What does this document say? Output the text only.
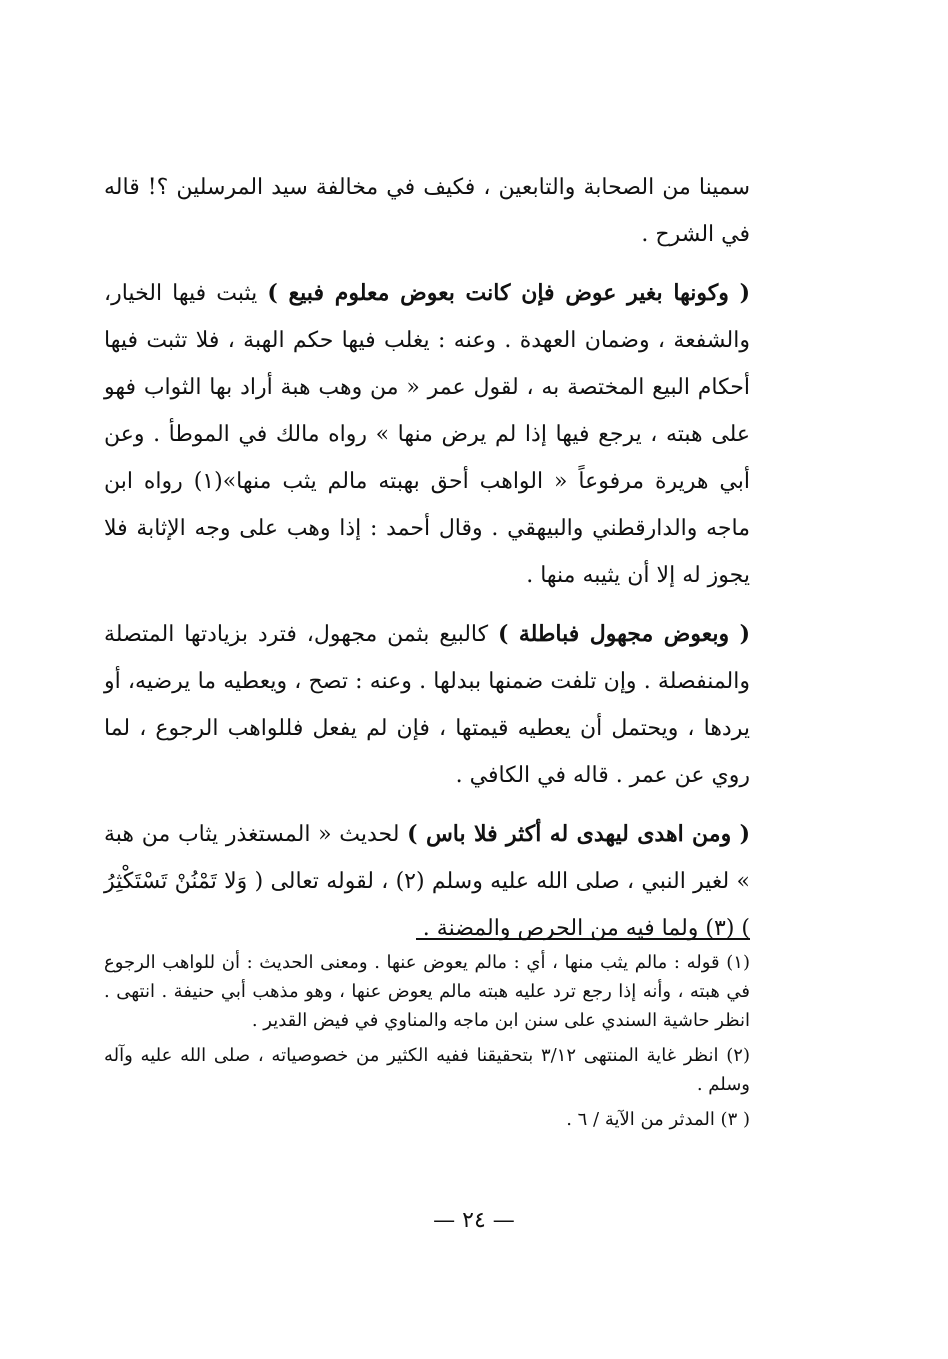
سمينا من الصحابة والتابعين ، فكيف في مخالفة سيد المرسلين ؟! قاله في الشرح .

( وكونها بغير عوض فإن كانت بعوض معلوم فبيع ) يثبت فيها الخيار، والشفعة ، وضمان العهدة . وعنه : يغلب فيها حكم الهبة ، فلا تثبت فيها أحكام البيع المختصة به ، لقول عمر « من وهب هبة أراد بها الثواب فهو على هبته ، يرجع فيها إذا لم يرض منها » رواه مالك في الموطأ . وعن أبي هريرة مرفوعاً « الواهب أحق بهبته مالم يثب منها»(١) رواه ابن ماجه والدارقطني والبيهقي . وقال أحمد : إذا وهب على وجه الإثابة فلا يجوز له إلا أن يثيبه منها .

( وبعوض مجهول فباطلة ) كالبيع بثمن مجهول، فترد بزيادتها المتصلة والمنفصلة . وإن تلفت ضمنها ببدلها . وعنه : تصح ، ويعطيه ما يرضيه، أو يردها ، ويحتمل أن يعطيه قيمتها ، فإن لم يفعل فللواهب الرجوع ، لما روي عن عمر . قاله في الكافي .

( ومن اهدى ليهدى له أكثر فلا باس ) لحديث « المستغذر يثاب من هبة » لغير النبي ، صلى الله عليه وسلم (٢) ، لقوله تعالى ( وَلا تَمْنُنْ تَسْتَكْثِرُ ) (٣) ولما فيه من الحرص والمضنة .

(١) قوله : مالم يثب منها ، أي : مالم يعوض عنها . ومعنى الحديث : أن للواهب الرجوع في هبته ، وأنه إذا رجع ترد عليه هبته مالم يعوض عنها ، وهو مذهب أبي حنيفة . انتهى . انظر حاشية السندي على سنن ابن ماجه والمناوي في فيض القدير .

(٢) انظر غاية المنتهى ٣/١٢ بتحقيقنا ففيه الكثير من خصوصياته ، صلى الله عليه وآله وسلم .

( ٣) المدثر من الآية / ٦ .

— ٢٤ —
